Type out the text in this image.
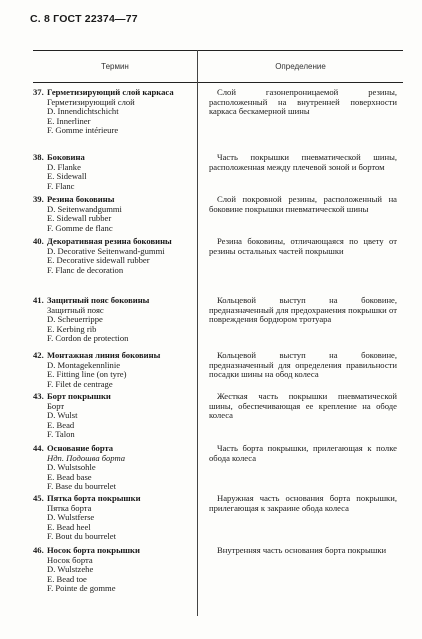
С. 8 ГОСТ 22374—77
Термин	Определение
37. Герметизирующий слой каркаса
Герметизирующий слой
D. Innendichtschicht
E. Innerliner
F. Gomme intérieure
Слой газонепроницаемой резины, расположенный на внутренней поверхности каркаса бескамерной шины
38. Боковина
D. Flanke
E. Sidewall
F. Flanc
Часть покрышки пневматической шины, расположенная между плечевой зоной и бортом
39. Резина боковины
D. Seitenwandgummi
E. Sidewall rubber
F. Gomme de flanc
Слой покровной резины, расположенный на боковине покрышки пневматической шины
40. Декоративная резина боковины
D. Decorative Seitenwand-gummi
E. Decorative sidewall rubber
F. Flanc de decoration
Резина боковины, отличающаяся по цвету от резины остальных частей покрышки
41. Защитный пояс боковины
Защитный пояс
D. Scheuerrippe
E. Kerbing rib
F. Cordon de protection
Кольцевой выступ на боковине, предназначенный для предохранения покрышки от повреждения бордюром тротуара
42. Монтажная линия боковины
D. Montagekennlinie
E. Fitting line (on tyre)
F. Filet de centrage
Кольцевой выступ на боковине, предназначенный для определения правильности посадки шины на обод колеса
43. Борт покрышки
Борт
D. Wulst
E. Bead
F. Talon
Жесткая часть покрышки пневматической шины, обеспечивающая ее крепление на ободе колеса
44. Основание борта
Ндп. Подошва борта
D. Wulstsohle
E. Bead base
F. Base du bourrelet
Часть борта покрышки, прилегающая к полке обода колеса
45. Пятка борта покрышки
Пятка борта
D. Wulstferse
E. Bead heel
F. Bout du bourrelet
Наружная часть основания борта покрышки, прилегающая к закраине обода колеса
46. Носок борта покрышки
Носок борта
D. Wulstzehe
E. Bead toe
F. Pointe de gomme
Внутренняя часть основания борта покрышки
